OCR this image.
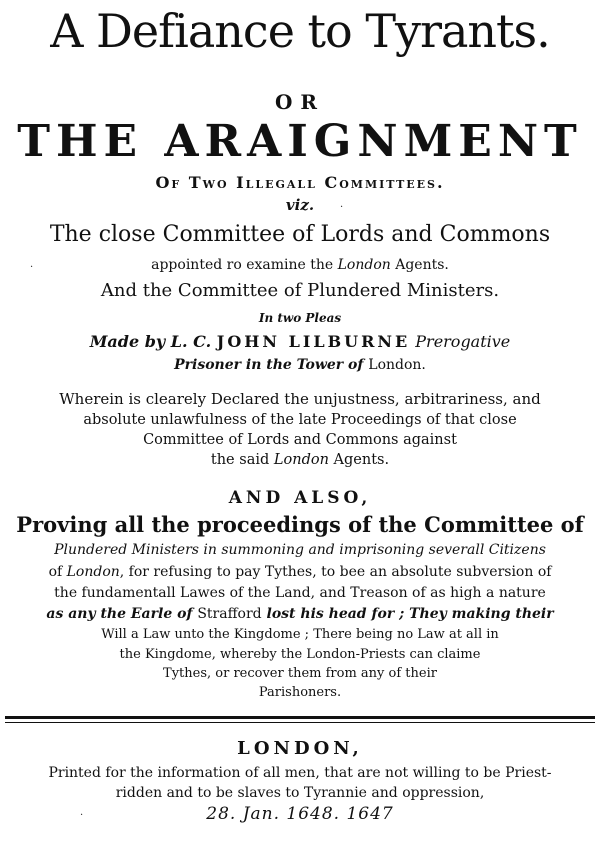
A Defiance to Tyrants.
OR
THE ARAIGNMENT
Of Two Illegall Committees.
viz.
The close Committee of Lords and Commons
appointed ro examine the London Agents.
And the Committee of Plundered Ministers.
In two Pleas
Made by L. C. JOHN LILBURNE Prerogative
Prisoner in the Tower of London.
Wherein is clearely Declared the unjustness, arbitrariness, and
absolute unlawfulness of the late Proceedings of that close
Committee of Lords and Commons against
the said London Agents.
AND ALSO,
Proving all the proceedings of the Committee of
Plundered Ministers in summoning and imprisoning severall Citizens
of London, for refusing to pay Tythes, to bee an absolute subversion of
the fundamentall Lawes of the Land, and Treason of as high a nature
as any the Earle of Strafford lost his head for ; They making their
Will a Law unto the Kingdome ; There being no Law at all in
the Kingdome, whereby the London-Priests can claime
Tythes, or recover them from any of their
Parishoners.
LONDON,
Printed for the information of all men, that are not willing to be Priest-
ridden and to be slaves to Tyrannie and oppression,
28. Jan. 1648. 1647
·
·
·
